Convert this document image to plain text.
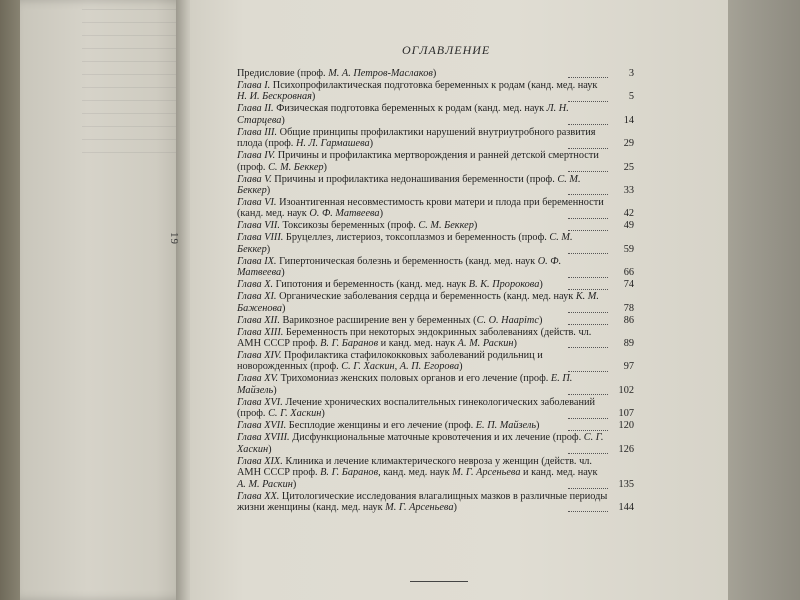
19
ОГЛАВЛЕНИЕ
Предисловие (проф. М. А. Петров-Маслаков)	3
Глава I. Психопрофилактическая подготовка беременных к родам (канд. мед. наук Н. И. Бескровная)	5
Глава II. Физическая подготовка беременных к родам (канд. мед. наук Л. Н. Старцева)	14
Глава III. Общие принципы профилактики нарушений внутриутробного развития плода (проф. Н. Л. Гармашева)	29
Глава IV. Причины и профилактика мертворождения и ранней детской смертности (проф. С. М. Беккер)	25
Глава V. Причины и профилактика недонашивания беременности (проф. С. М. Беккер)	33
Глава VI. Изоантигенная несовместимость крови матери и плода при беременности (канд. мед. наук О. Ф. Матвеева)	42
Глава VII. Токсикозы беременных (проф. С. М. Беккер)	49
Глава VIII. Бруцеллез, листериоз, токсоплазмоз и беременность (проф. С. М. Беккер)	59
Глава IX. Гипертоническая болезнь и беременность (канд. мед. наук О. Ф. Матвеева)	66
Глава X. Гипотония и беременность (канд. мед. наук В. К. Пророкова)	74
Глава XI. Органические заболевания сердца и беременность (канд. мед. наук К. М. Баженова)	78
Глава XII. Варикозное расширение вен у беременных (С. О. Наарітс)	86
Глава XIII. Беременность при некоторых эндокринных заболеваниях (действ. чл. АМН СССР проф. В. Г. Баранов и канд. мед. наук А. М. Раскин)	89
Глава XIV. Профилактика стафилококковых заболеваний родильниц и новорожденных (проф. С. Г. Хаскин, А. П. Егорова)	97
Глава XV. Трихомониаз женских половых органов и его лечение (проф. Е. П. Майзель)	102
Глава XVI. Лечение хронических воспалительных гинекологических заболеваний (проф. С. Г. Хаскин)	107
Глава XVII. Бесплодие женщины и его лечение (проф. Е. П. Майзель)	120
Глава XVIII. Дисфункциональные маточные кровотечения и их лечение (проф. С. Г. Хаскин)	126
Глава XIX. Клиника и лечение климактерического невроза у женщин (действ. чл. АМН СССР проф. В. Г. Баранов, канд. мед. наук М. Г. Арсеньева и канд. мед. наук А. М. Раскин)	135
Глава XX. Цитологические исследования влагалищных мазков в различные периоды жизни женщины (канд. мед. наук М. Г. Арсеньева)	144
